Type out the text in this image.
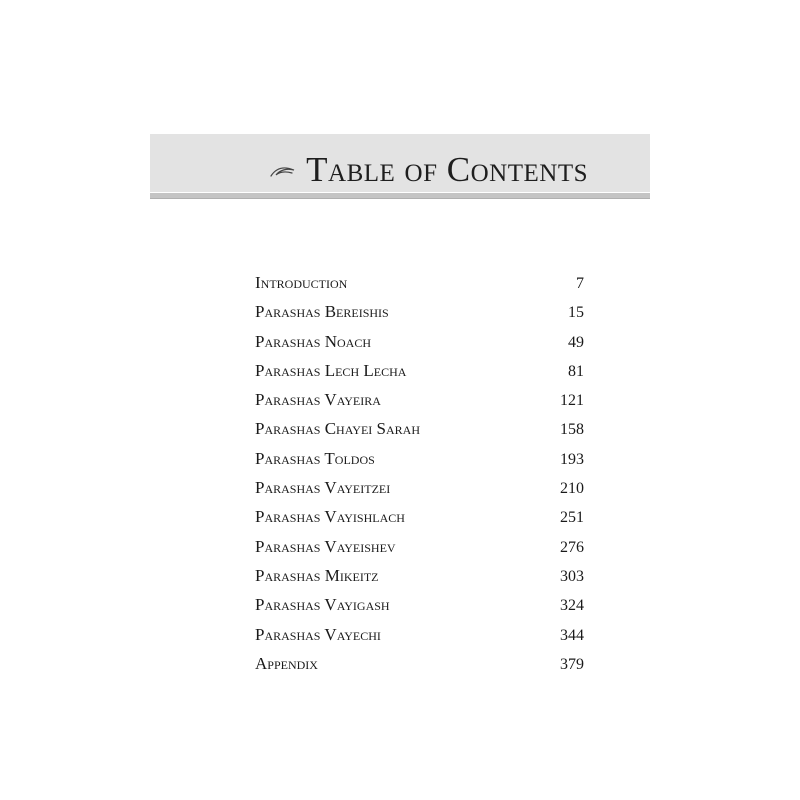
Table of Contents
Introduction	7
Parashas Bereishis	15
Parashas Noach	49
Parashas Lech Lecha	81
Parashas Vayeira	121
Parashas Chayei Sarah	158
Parashas Toldos	193
Parashas Vayeitzei	210
Parashas Vayishlach	251
Parashas Vayeishev	276
Parashas Mikeitz	303
Parashas Vayigash	324
Parashas Vayechi	344
Appendix	379
